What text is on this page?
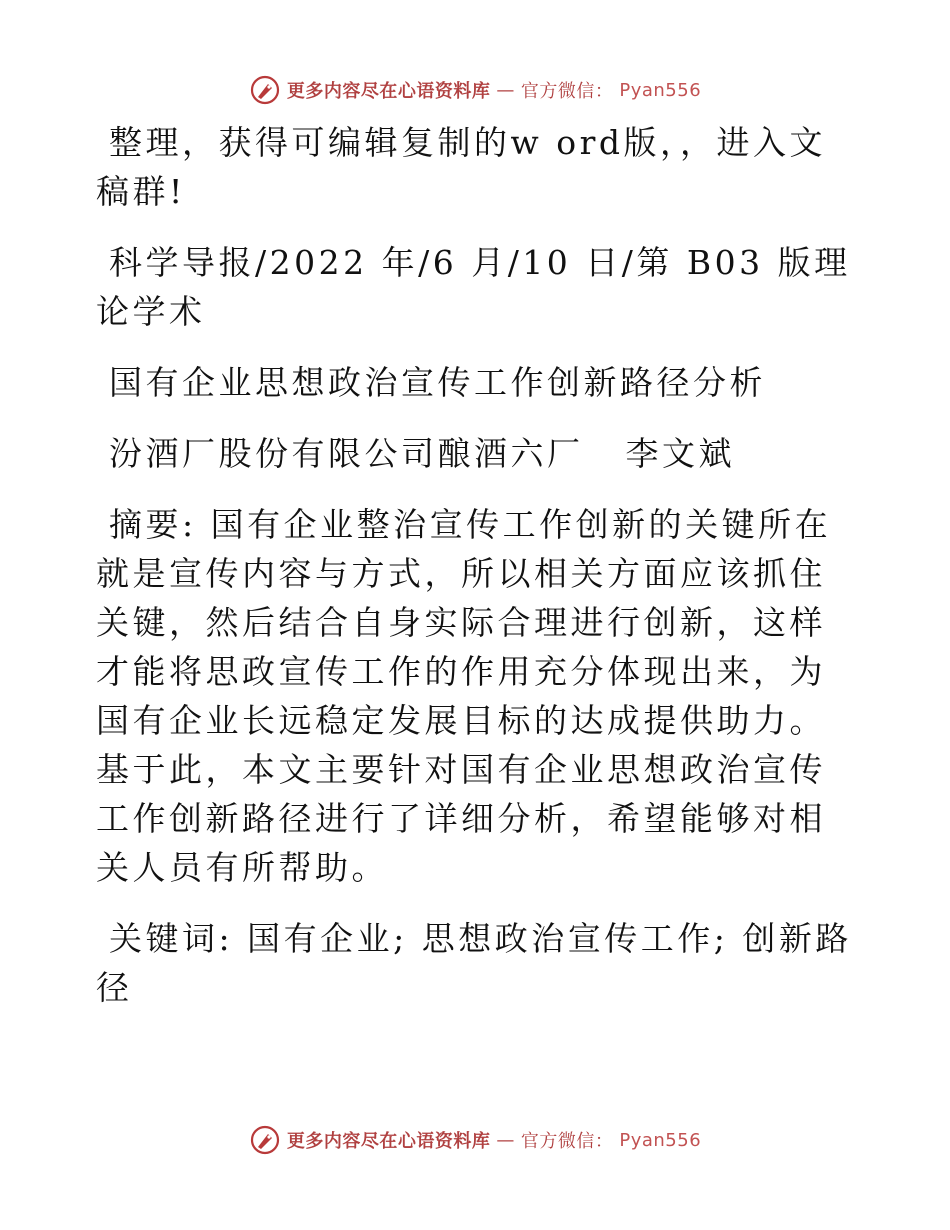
更多内容尽在心语资料库 — 官方微信： Pyan556

整理，获得可编辑复制的w ord版，，进入文稿群!

科学导报/2022 年/6 月/10 日/第 B03 版理论学术

国有企业思想政治宣传工作创新路径分析

汾酒厂股份有限公司酿酒六厂   李文斌

摘要: 国有企业整治宣传工作创新的关键所在就是宣传内容与方式，所以相关方面应该抓住关键，然后结合自身实际合理进行创新，这样才能将思政宣传工作的作用充分体现出来，为国有企业长远稳定发展目标的达成提供助力。基于此，本文主要针对国有企业思想政治宣传工作创新路径进行了详细分析，希望能够对相关人员有所帮助。

关键词: 国有企业; 思想政治宣传工作; 创新路径

更多内容尽在心语资料库 — 官方微信： Pyan556
